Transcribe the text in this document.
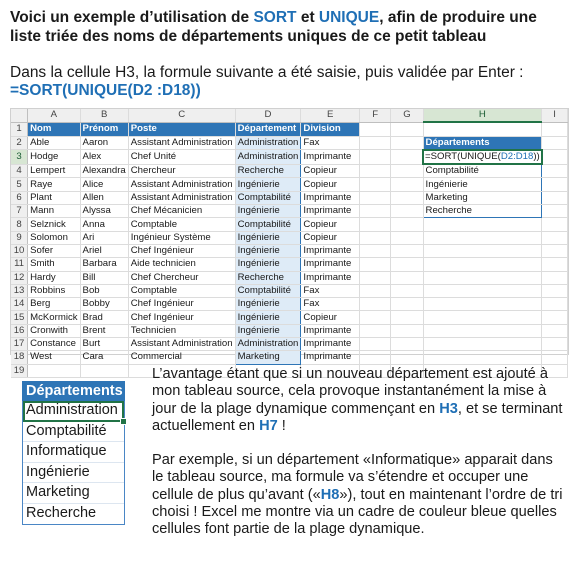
Voici un exemple d’utilisation de SORT et UNIQUE, afin de produire une liste triée des noms de départements uniques de ce petit tableau
Dans la cellule H3, la formule suivante a été saisie, puis validée par Enter :
=SORT(UNIQUE(D2 :D18))
	A	B	C	D	E	F	G	H	I
1	Nom	Prénom	Poste	Département	Division				
2	Able	Aaron	Assistant Administration	Administration	Fax			Départements	
3	Hodge	Alex	Chef Unité	Administration	Imprimante			=SORT(UNIQUE(D2:D18))	
4	Lempert	Alexandra	Chercheur	Recherche	Copieur			Comptabilité	
5	Raye	Alice	Assistant Administration	Ingénierie	Copieur			Ingénierie	
6	Plant	Allen	Assistant Administration	Comptabilité	Imprimante			Marketing	
7	Mann	Alyssa	Chef Mécanicien	Ingénierie	Imprimante			Recherche	
8	Selznick	Anna	Comptable	Comptabilité	Copieur				
9	Solomon	Ari	Ingénieur Système	Ingénierie	Copieur				
10	Sofer	Ariel	Chef Ingénieur	Ingénierie	Imprimante				
11	Smith	Barbara	Aide technicien	Ingénierie	Imprimante				
12	Hardy	Bill	Chef Chercheur	Recherche	Imprimante				
13	Robbins	Bob	Comptable	Comptabilité	Fax				
14	Berg	Bobby	Chef Ingénieur	Ingénierie	Fax				
15	McKormick	Brad	Chef Ingénieur	Ingénierie	Copieur				
16	Cronwith	Brent	Technicien	Ingénierie	Imprimante				
17	Constance	Burt	Assistant Administration	Administration	Imprimante				
18	West	Cara	Commercial	Marketing	Imprimante				
19									
Départements
Administration
Comptabilité
Informatique
Ingénierie
Marketing
Recherche
L’avantage étant que si un nouveau département est ajouté à mon tableau source, cela provoque instantanément la mise à jour de la plage dynamique commençant en H3, et se terminant actuellement en H7 !
Par exemple, si un département «Informatique» apparait dans le tableau source, ma formule va s’étendre et occuper une cellule de plus qu’avant («H8»), tout en maintenant l’ordre de tri choisi ! Excel me montre via un cadre de couleur bleue quelles cellules font partie de la plage dynamique.
